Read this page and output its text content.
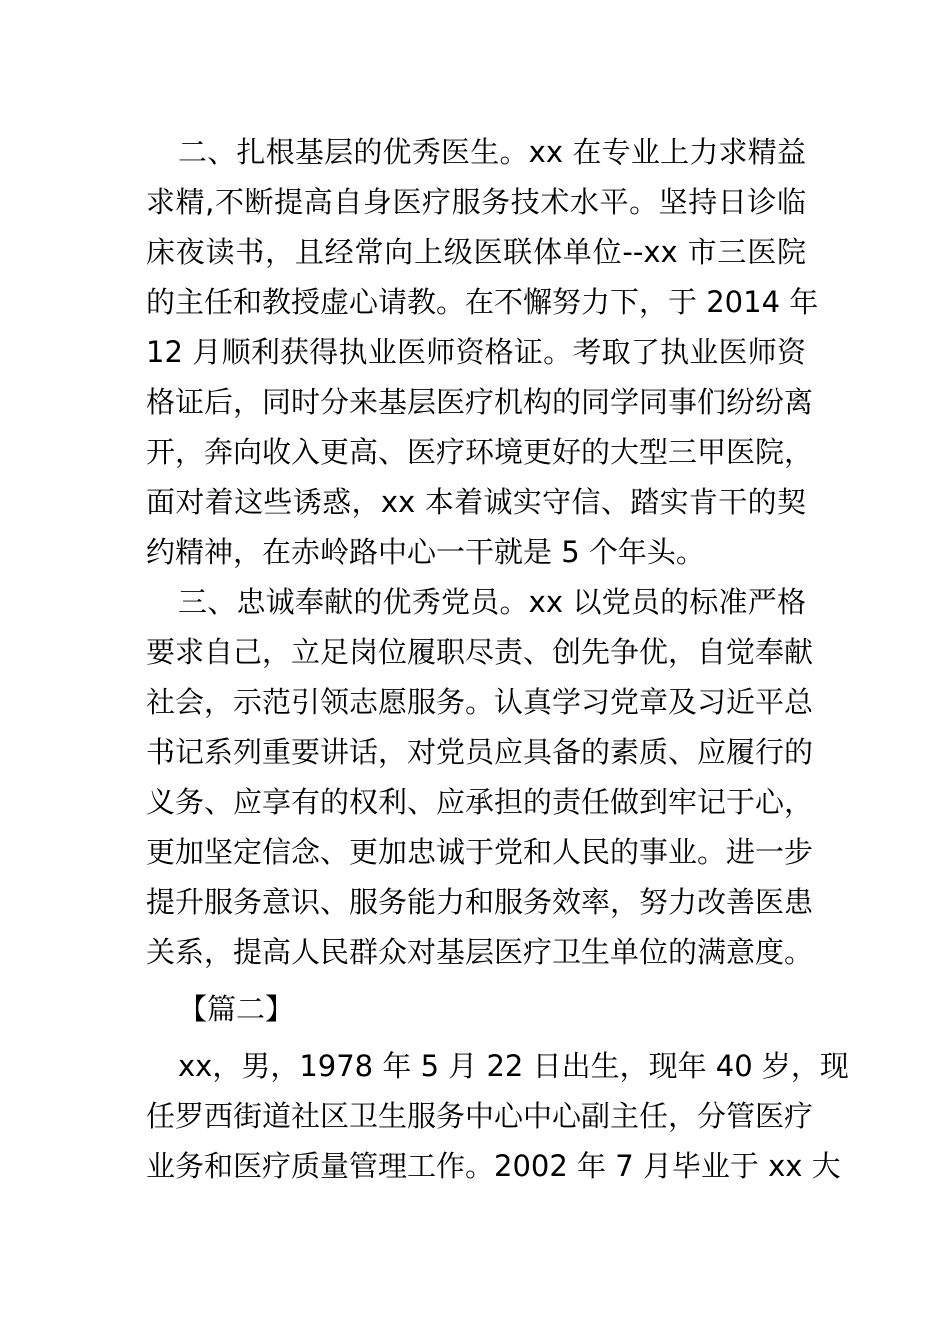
二、扎根基层的优秀医生。xx 在专业上力求精益
求精,不断提高自身医疗服务技术水平。坚持日诊临
床夜读书，且经常向上级医联体单位--xx 市三医院
的主任和教授虚心请教。在不懈努力下，于 2014 年
12 月顺利获得执业医师资格证。考取了执业医师资
格证后，同时分来基层医疗机构的同学同事们纷纷离
开，奔向收入更高、医疗环境更好的大型三甲医院，
面对着这些诱惑，xx 本着诚实守信、踏实肯干的契
约精神，在赤岭路中心一干就是 5 个年头。
三、忠诚奉献的优秀党员。xx 以党员的标准严格
要求自己，立足岗位履职尽责、创先争优，自觉奉献
社会，示范引领志愿服务。认真学习党章及习近平总
书记系列重要讲话，对党员应具备的素质、应履行的
义务、应享有的权利、应承担的责任做到牢记于心，
更加坚定信念、更加忠诚于党和人民的事业。进一步
提升服务意识、服务能力和服务效率，努力改善医患
关系，提高人民群众对基层医疗卫生单位的满意度。
【篇二】
xx，男，1978 年 5 月 22 日出生，现年 40 岁，现
任罗西街道社区卫生服务中心中心副主任，分管医疗
业务和医疗质量管理工作。2002 年 7 月毕业于 xx 大
